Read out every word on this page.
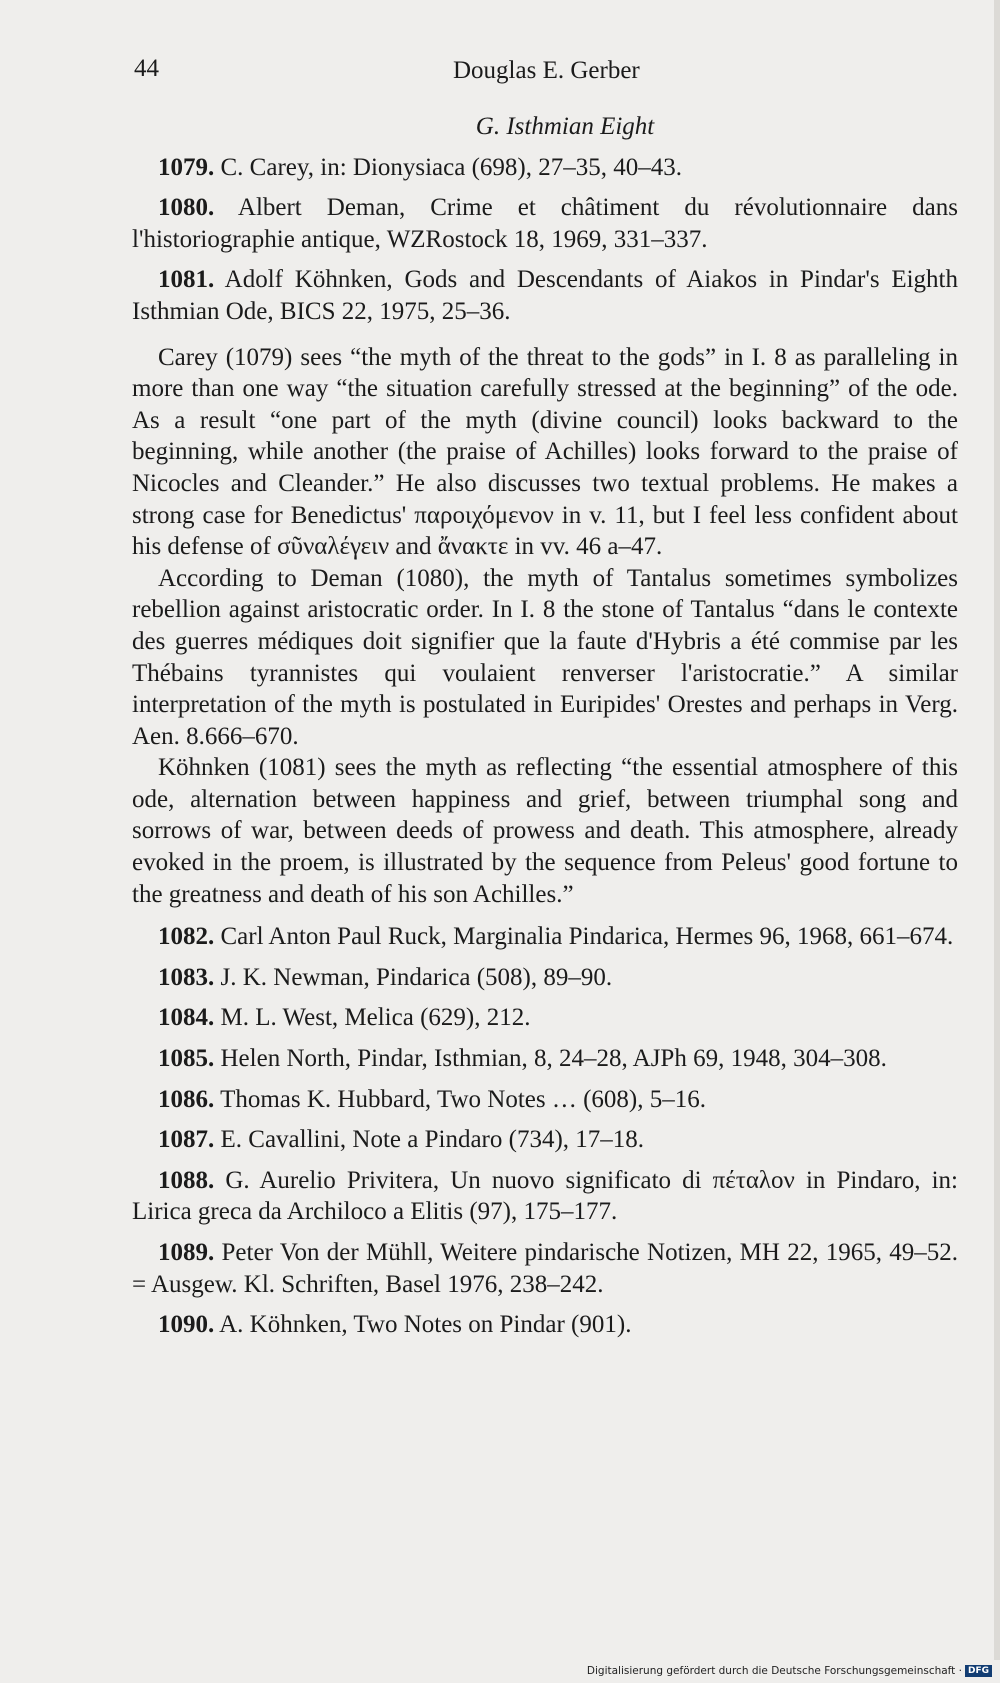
44	Douglas E. Gerber
G. Isthmian Eight

1079. C. Carey, in: Dionysiaca (698), 27–35, 40–43.

1080. Albert Deman, Crime et châtiment du révolutionnaire dans l'historiographie antique, WZRostock 18, 1969, 331–337.

1081. Adolf Köhnken, Gods and Descendants of Aiakos in Pindar's Eighth Isthmian Ode, BICS 22, 1975, 25–36.

Carey (1079) sees “the myth of the threat to the gods” in I. 8 as paralleling in more than one way “the situation carefully stressed at the beginning” of the ode. As a result “one part of the myth (divine council) looks backward to the beginning, while another (the praise of Achilles) looks forward to the praise of Nicocles and Cleander.” He also discusses two textual problems. He makes a strong case for Benedictus' παροιχόμενον in v. 11, but I feel less confident about his defense of σῦναλέγειν and ἄνακτε in vv. 46 a–47.

According to Deman (1080), the myth of Tantalus sometimes symbolizes rebellion against aristocratic order. In I. 8 the stone of Tantalus “dans le contexte des guerres médiques doit signifier que la faute d'Hybris a été commise par les Thébains tyrannistes qui voulaient renverser l'aristocratie.” A similar interpretation of the myth is postulated in Euripides' Orestes and perhaps in Verg. Aen. 8.666–670.

Köhnken (1081) sees the myth as reflecting “the essential atmosphere of this ode, alternation between happiness and grief, between triumphal song and sorrows of war, between deeds of prowess and death. This atmosphere, already evoked in the proem, is illustrated by the sequence from Peleus' good fortune to the greatness and death of his son Achilles.”

1082. Carl Anton Paul Ruck, Marginalia Pindarica, Hermes 96, 1968, 661–674.

1083. J. K. Newman, Pindarica (508), 89–90.

1084. M. L. West, Melica (629), 212.

1085. Helen North, Pindar, Isthmian, 8, 24–28, AJPh 69, 1948, 304–308.

1086. Thomas K. Hubbard, Two Notes … (608), 5–16.

1087. E. Cavallini, Note a Pindaro (734), 17–18.

1088. G. Aurelio Privitera, Un nuovo significato di πέταλον in Pindaro, in: Lirica greca da Archiloco a Elitis (97), 175–177.

1089. Peter Von der Mühll, Weitere pindarische Notizen, MH 22, 1965, 49–52. = Ausgew. Kl. Schriften, Basel 1976, 238–242.

1090. A. Köhnken, Two Notes on Pindar (901).

Digitalisierung gefördert durch die Deutsche Forschungsgemeinschaft · DFG
